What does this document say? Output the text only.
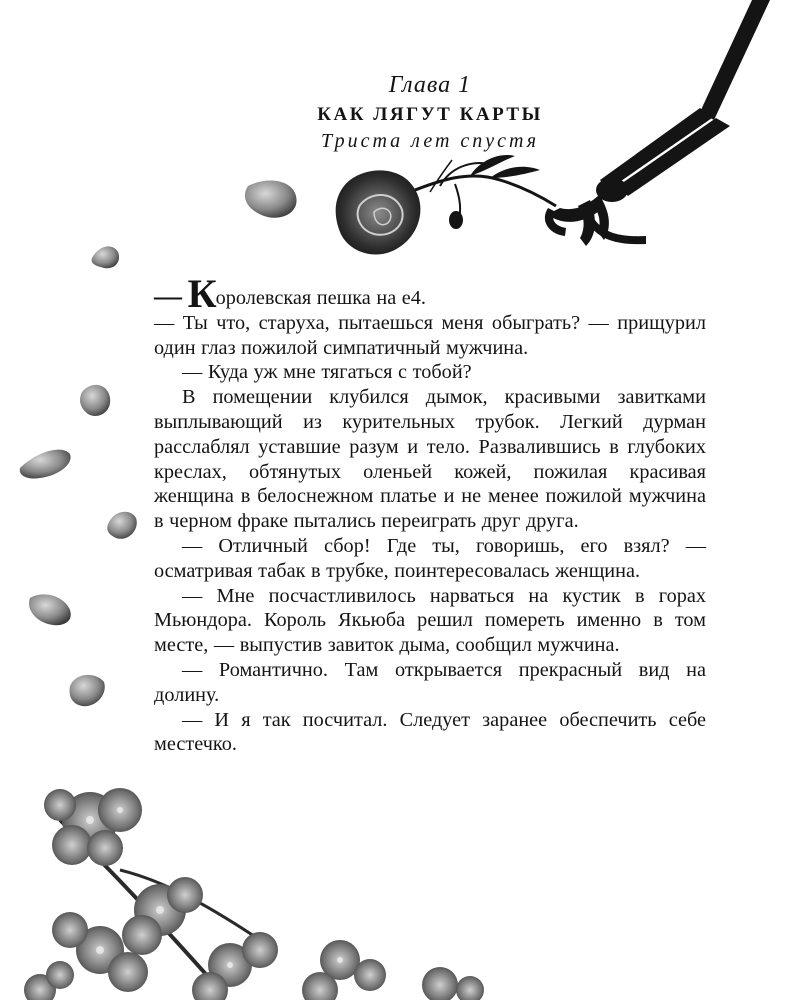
Глава 1
КАК ЛЯГУТ КАРТЫ
Триста лет спустя

— Королевская пешка на е4.

— Ты что, старуха, пытаешься меня обыграть? — прищурил один глаз пожилой симпатичный мужчина.

— Куда уж мне тягаться с тобой?

В помещении клубился дымок, красивыми завитками выплывающий из курительных трубок. Легкий дурман расслаблял уставшие разум и тело. Развалившись в глубоких креслах, обтянутых оленьей кожей, пожилая красивая женщина в белоснежном платье и не менее пожилой мужчина в черном фраке пытались переиграть друг друга.

— Отличный сбор! Где ты, говоришь, его взял? — осматривая табак в трубке, поинтересовалась женщина.

— Мне посчастливилось нарваться на кустик в горах Мьюндора. Король Якьюба решил помереть именно в том месте, — выпустив завиток дыма, сообщил мужчина.

— Романтично. Там открывается прекрасный вид на долину.

— И я так посчитал. Следует заранее обеспечить себе местечко.
